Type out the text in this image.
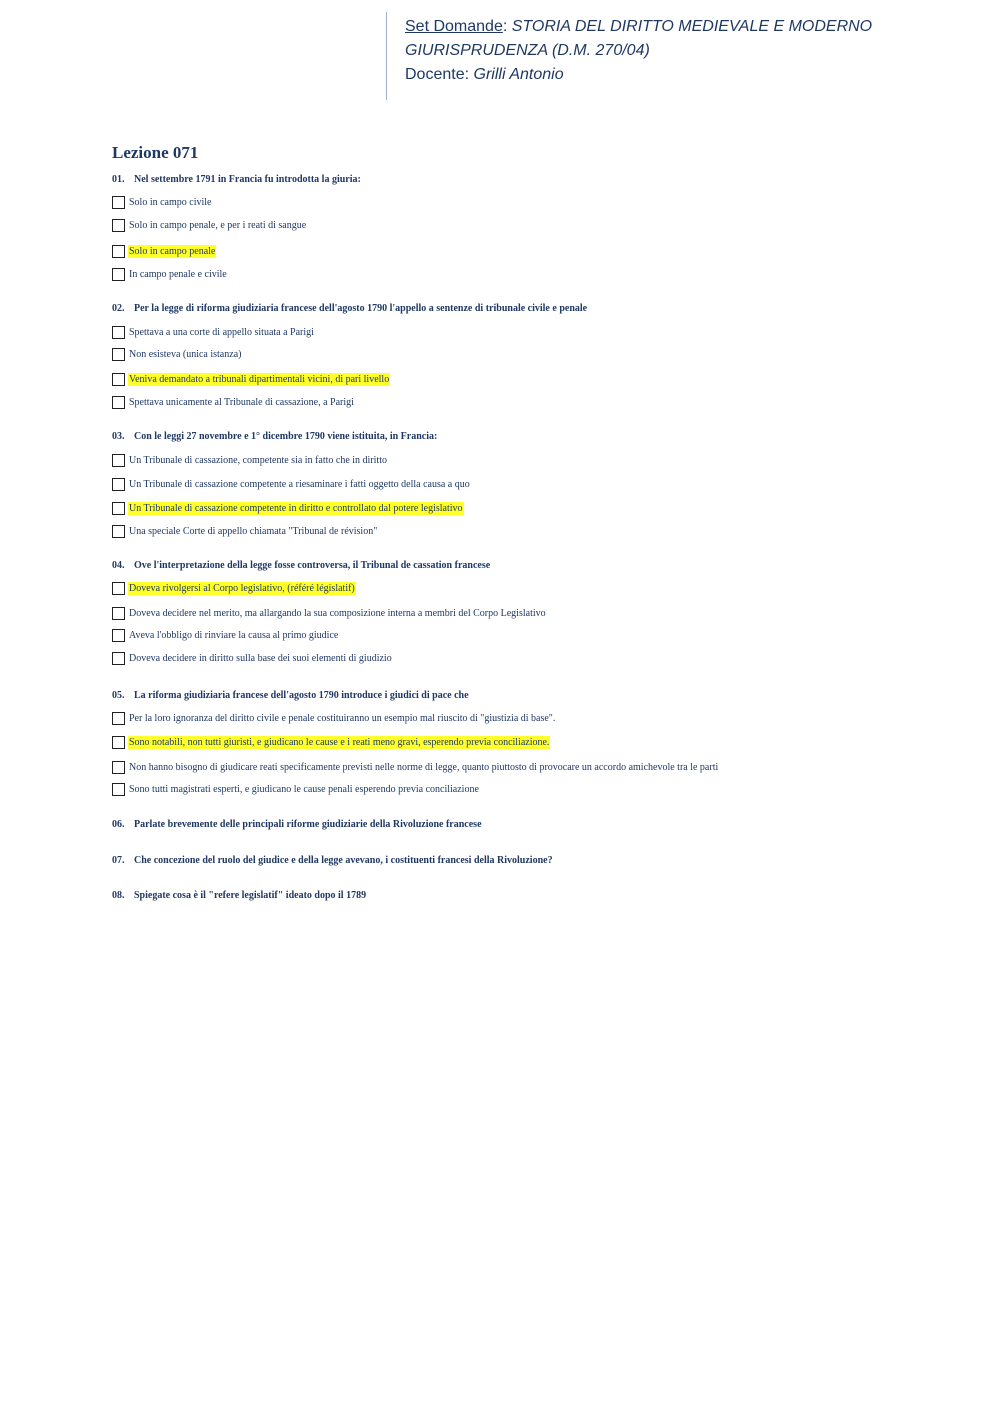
Set Domande: STORIA DEL DIRITTO MEDIEVALE E MODERNO
GIURISPRUDENZA (D.M. 270/04)
Docente: Grilli Antonio
Lezione 071
01. Nel settembre 1791 in Francia fu introdotta la giuria:
Solo in campo civile
Solo in campo penale, e per i reati di sangue
Solo in campo penale
In campo penale e civile
02. Per la legge di riforma giudiziaria francese dell'agosto 1790 l'appello a sentenze di tribunale civile e penale
Spettava a una corte di appello situata a Parigi
Non esisteva (unica istanza)
Veniva demandato a tribunali dipartimentali vicini, di pari livello
Spettava unicamente al Tribunale di cassazione, a Parigi
03. Con le leggi 27 novembre e 1° dicembre 1790 viene istituita, in Francia:
Un Tribunale di cassazione, competente sia in fatto che in diritto
Un Tribunale di cassazione competente a riesaminare i fatti oggetto della causa a quo
Un Tribunale di cassazione competente in diritto e controllato dal potere legislativo
Una speciale Corte di appello chiamata "Tribunal de révision"
04. Ove l'interpretazione della legge fosse controversa, il Tribunal de cassation francese
Doveva rivolgersi al Corpo legislativo, (référé législatif)
Doveva decidere nel merito, ma allargando la sua composizione interna a membri del Corpo Legislativo
Aveva l'obbligo di rinviare la causa al primo giudice
Doveva decidere in diritto sulla base dei suoi elementi di giudizio
05. La riforma giudiziaria francese dell'agosto 1790 introduce i giudici di pace che
Per la loro ignoranza del diritto civile e penale costituiranno un esempio mal riuscito di "giustizia di base".
Sono notabili, non tutti giuristi, e giudicano le cause e i reati meno gravi, esperendo previa conciliazione.
Non hanno bisogno di giudicare reati specificamente previsti nelle norme di legge, quanto piuttosto di provocare un accordo amichevole tra le parti
Sono tutti magistrati esperti, e giudicano le cause penali esperendo previa conciliazione
06. Parlate brevemente delle principali riforme giudiziarie della Rivoluzione francese
07. Che concezione del ruolo del giudice e della legge avevano, i costituenti francesi della Rivoluzione?
08. Spiegate cosa è il "refere legislatif" ideato dopo il 1789
